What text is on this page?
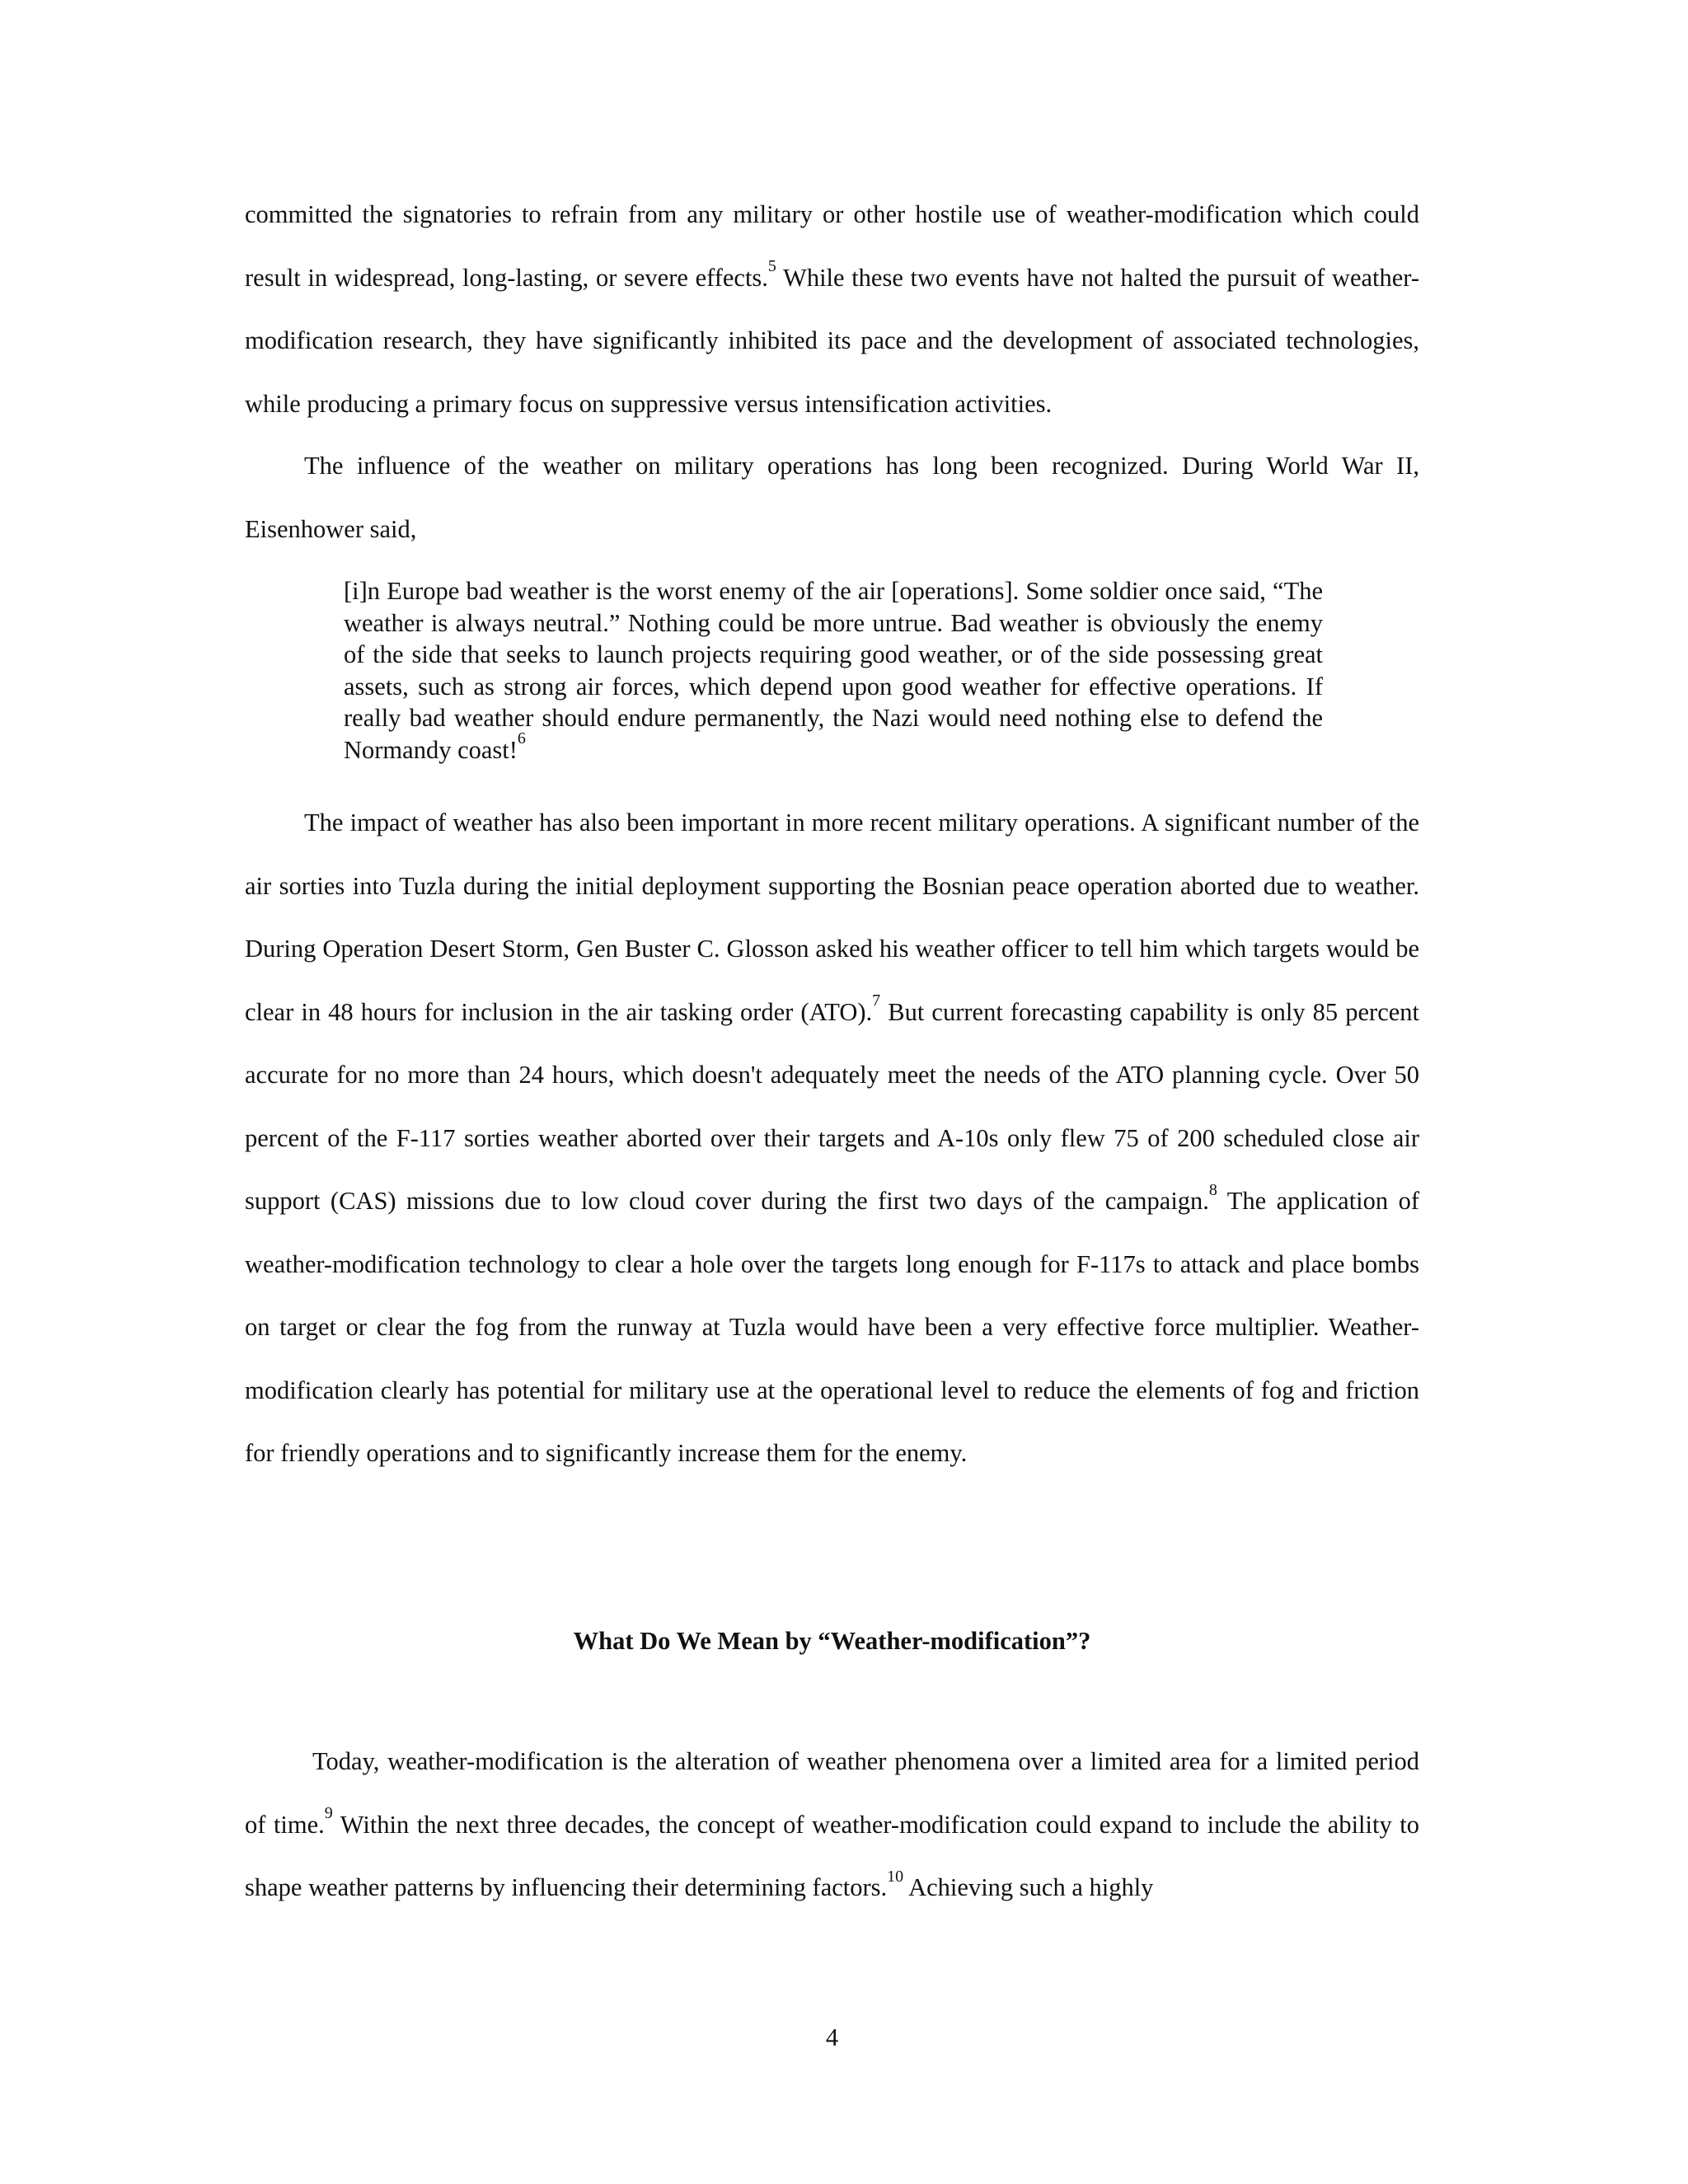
committed the signatories to refrain from any military or other hostile use of weather-modification which could result in widespread, long-lasting, or severe effects.$^5$ While these two events have not halted the pursuit of weather-modification research, they have significantly inhibited its pace and the development of associated technologies, while producing a primary focus on suppressive versus intensification activities.

The influence of the weather on military operations has long been recognized. During World War II, Eisenhower said,

[i]n Europe bad weather is the worst enemy of the air [operations]. Some soldier once said, “The weather is always neutral.” Nothing could be more untrue. Bad weather is obviously the enemy of the side that seeks to launch projects requiring good weather, or of the side possessing great assets, such as strong air forces, which depend upon good weather for effective operations. If really bad weather should endure permanently, the Nazi would need nothing else to defend the Normandy coast!$^6$

The impact of weather has also been important in more recent military operations. A significant number of the air sorties into Tuzla during the initial deployment supporting the Bosnian peace operation aborted due to weather. During Operation Desert Storm, Gen Buster C. Glosson asked his weather officer to tell him which targets would be clear in 48 hours for inclusion in the air tasking order (ATO).$^7$ But current forecasting capability is only 85 percent accurate for no more than 24 hours, which doesn't adequately meet the needs of the ATO planning cycle. Over 50 percent of the F-117 sorties weather aborted over their targets and A-10s only flew 75 of 200 scheduled close air support (CAS) missions due to low cloud cover during the first two days of the campaign.$^8$ The application of weather-modification technology to clear a hole over the targets long enough for F-117s to attack and place bombs on target or clear the fog from the runway at Tuzla would have been a very effective force multiplier. Weather-modification clearly has potential for military use at the operational level to reduce the elements of fog and friction for friendly operations and to significantly increase them for the enemy.

What Do We Mean by “Weather-modification”?

Today, weather-modification is the alteration of weather phenomena over a limited area for a limited period of time.$^9$ Within the next three decades, the concept of weather-modification could expand to include the ability to shape weather patterns by influencing their determining factors.$^{10}$ Achieving such a highly

4
